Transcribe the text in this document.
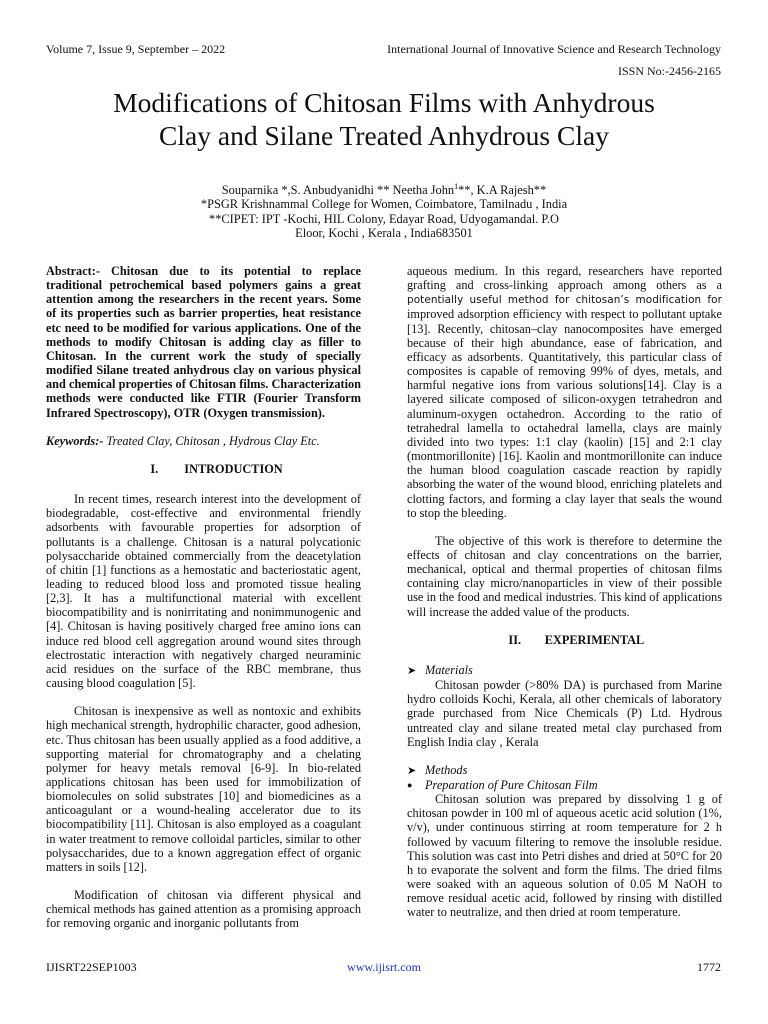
Volume 7, Issue 9, September – 2022	International Journal of Innovative Science and Research Technology
ISSN No:-2456-2165
Modifications of Chitosan Films with Anhydrous
Clay and Silane Treated Anhydrous Clay
Souparnika *,S. Anbudyanidhi ** Neetha John$^1$**, K.A Rajesh**
*PSGR Krishnammal College for Women, Coimbatore, Tamilnadu , India
**CIPET: IPT -Kochi, HIL Colony, Edayar Road, Udyogamandal. P.O
Eloor, Kochi , Kerala , India683501

Abstract:- Chitosan due to its potential to replace traditional petrochemical based polymers gains a great attention among the researchers in the recent years. Some of its properties such as barrier properties, heat resistance etc need to be modified for various applications. One of the methods to modify Chitosan is adding clay as filler to Chitosan. In the current work the study of specially modified Silane treated anhydrous clay on various physical and chemical properties of Chitosan films. Characterization methods were conducted like FTIR (Fourier Transform Infrared Spectroscopy), OTR (Oxygen transmission).

Keywords:- Treated Clay, Chitosan , Hydrous Clay Etc.

I. INTRODUCTION

In recent times, research interest into the development of biodegradable, cost-effective and environmental friendly adsorbents with favourable properties for adsorption of pollutants is a challenge. Chitosan is a natural polycationic polysaccharide obtained commercially from the deacetylation of chitin [1] functions as a hemostatic and bacteriostatic agent, leading to reduced blood loss and promoted tissue healing [2,3]. It has a multifunctional material with excellent biocompatibility and is nonirritating and nonimmunogenic and [4]. Chitosan is having positively charged free amino ions can induce red blood cell aggregation around wound sites through electrostatic interaction with negatively charged neuraminic acid residues on the surface of the RBC membrane, thus causing blood coagulation [5].

Chitosan is inexpensive as well as nontoxic and exhibits high mechanical strength, hydrophilic character, good adhesion, etc. Thus chitosan has been usually applied as a food additive, a supporting material for chromatography and a chelating polymer for heavy metals removal [6-9]. In bio-related applications chitosan has been used for immobilization of biomolecules on solid substrates [10] and biomedicines as a anticoagulant or a wound-healing accelerator due to its biocompatibility [11]. Chitosan is also employed as a coagulant in water treatment to remove colloidal particles, similar to other polysaccharides, due to a known aggregation effect of organic matters in soils [12].

Modification of chitosan via different physical and chemical methods has gained attention as a promising approach for removing organic and inorganic pollutants from

aqueous medium. In this regard, researchers have reported grafting and cross-linking approach among others as a potentially useful method for chitosan’s modification for improved adsorption efficiency with respect to pollutant uptake [13]. Recently, chitosan–clay nanocomposites have emerged because of their high abundance, ease of fabrication, and efficacy as adsorbents. Quantitatively, this particular class of composites is capable of removing 99% of dyes, metals, and harmful negative ions from various solutions[14]. Clay is a layered silicate composed of silicon-oxygen tetrahedron and aluminum-oxygen octahedron. According to the ratio of tetrahedral lamella to octahedral lamella, clays are mainly divided into two types: 1:1 clay (kaolin) [15] and 2:1 clay (montmorillonite) [16]. Kaolin and montmorillonite can induce the human blood coagulation cascade reaction by rapidly absorbing the water of the wound blood, enriching platelets and clotting factors, and forming a clay layer that seals the wound to stop the bleeding.

The objective of this work is therefore to determine the effects of chitosan and clay concentrations on the barrier, mechanical, optical and thermal properties of chitosan films containing clay micro/nanoparticles in view of their possible use in the food and medical industries. This kind of applications will increase the added value of the products.

II. EXPERIMENTAL
➤ Materials

Chitosan powder (>80% DA) is purchased from Marine hydro colloids Kochi, Kerala, all other chemicals of laboratory grade purchased from Nice Chemicals (P) Ltd. Hydrous untreated clay and silane treated metal clay purchased from English India clay , Kerala

➤ Methods
● Preparation of Pure Chitosan Film

Chitosan solution was prepared by dissolving 1 g of chitosan powder in 100 ml of aqueous acetic acid solution (1%, v/v), under continuous stirring at room temperature for 2 h followed by vacuum filtering to remove the insoluble residue. This solution was cast into Petri dishes and dried at 50°C for 20 h to evaporate the solvent and form the films. The dried films were soaked with an aqueous solution of 0.05 M NaOH to remove residual acetic acid, followed by rinsing with distilled water to neutralize, and then dried at room temperature.

IJISRT22SEP1003	www.ijisrt.com	1772
